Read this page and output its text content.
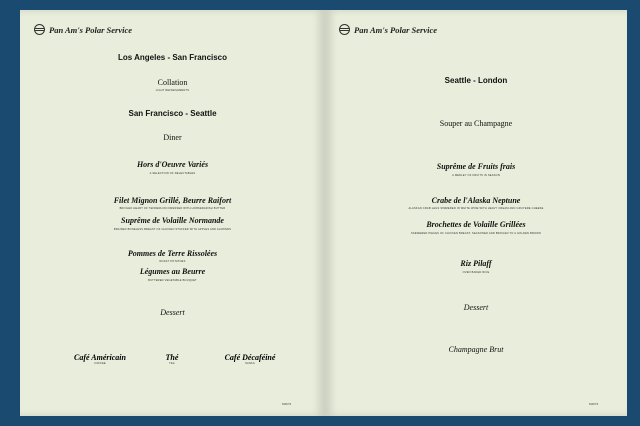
Pan Am's Polar Service
Los Angeles - San Francisco
Collation
LIGHT REFRESHMENTS
San Francisco - Seattle
Diner
Hors d'Oeuvre Variés
A SELECTION OF DELECTABLES
Filet Mignon Grillé, Beurre Raifort
BROILED HEART OF TENDERLOIN DRESSED WITH HORSERADISH BUTTER
Suprême de Volaille Normande
BRAISED BONELESS BREAST OF CHICKEN STUFFED WITH APPLES AND ALMONDS
Pommes de Terre Rissolées
ROAST POTATOES
Légumes au Beurre
BUTTERED VEGETABLE BOUQUET
Dessert
Café Américain
COFFEE
Thé
TEA
Café Décaféiné
SANKA
M4673
Pan Am's Polar Service
Seattle - London
Souper au Champagne
Suprême de Fruits frais
A MEDLEY OF FRUITS IN SEASON
Crabe de l'Alaska Neptune
ALASKAN CRAB LEGS SIMMERED IN WHITE WINE WITH HEAVY CREAM AND GRUYERE CHEESE
Brochettes de Volaille Grillées
SKEWERED PIECES OF CHICKEN BREAST, SEASONED AND BROILED TO A GOLDEN BROWN
Riz Pilaff
OVEN BAKED RICE
Dessert
Champagne Brut
M4673
